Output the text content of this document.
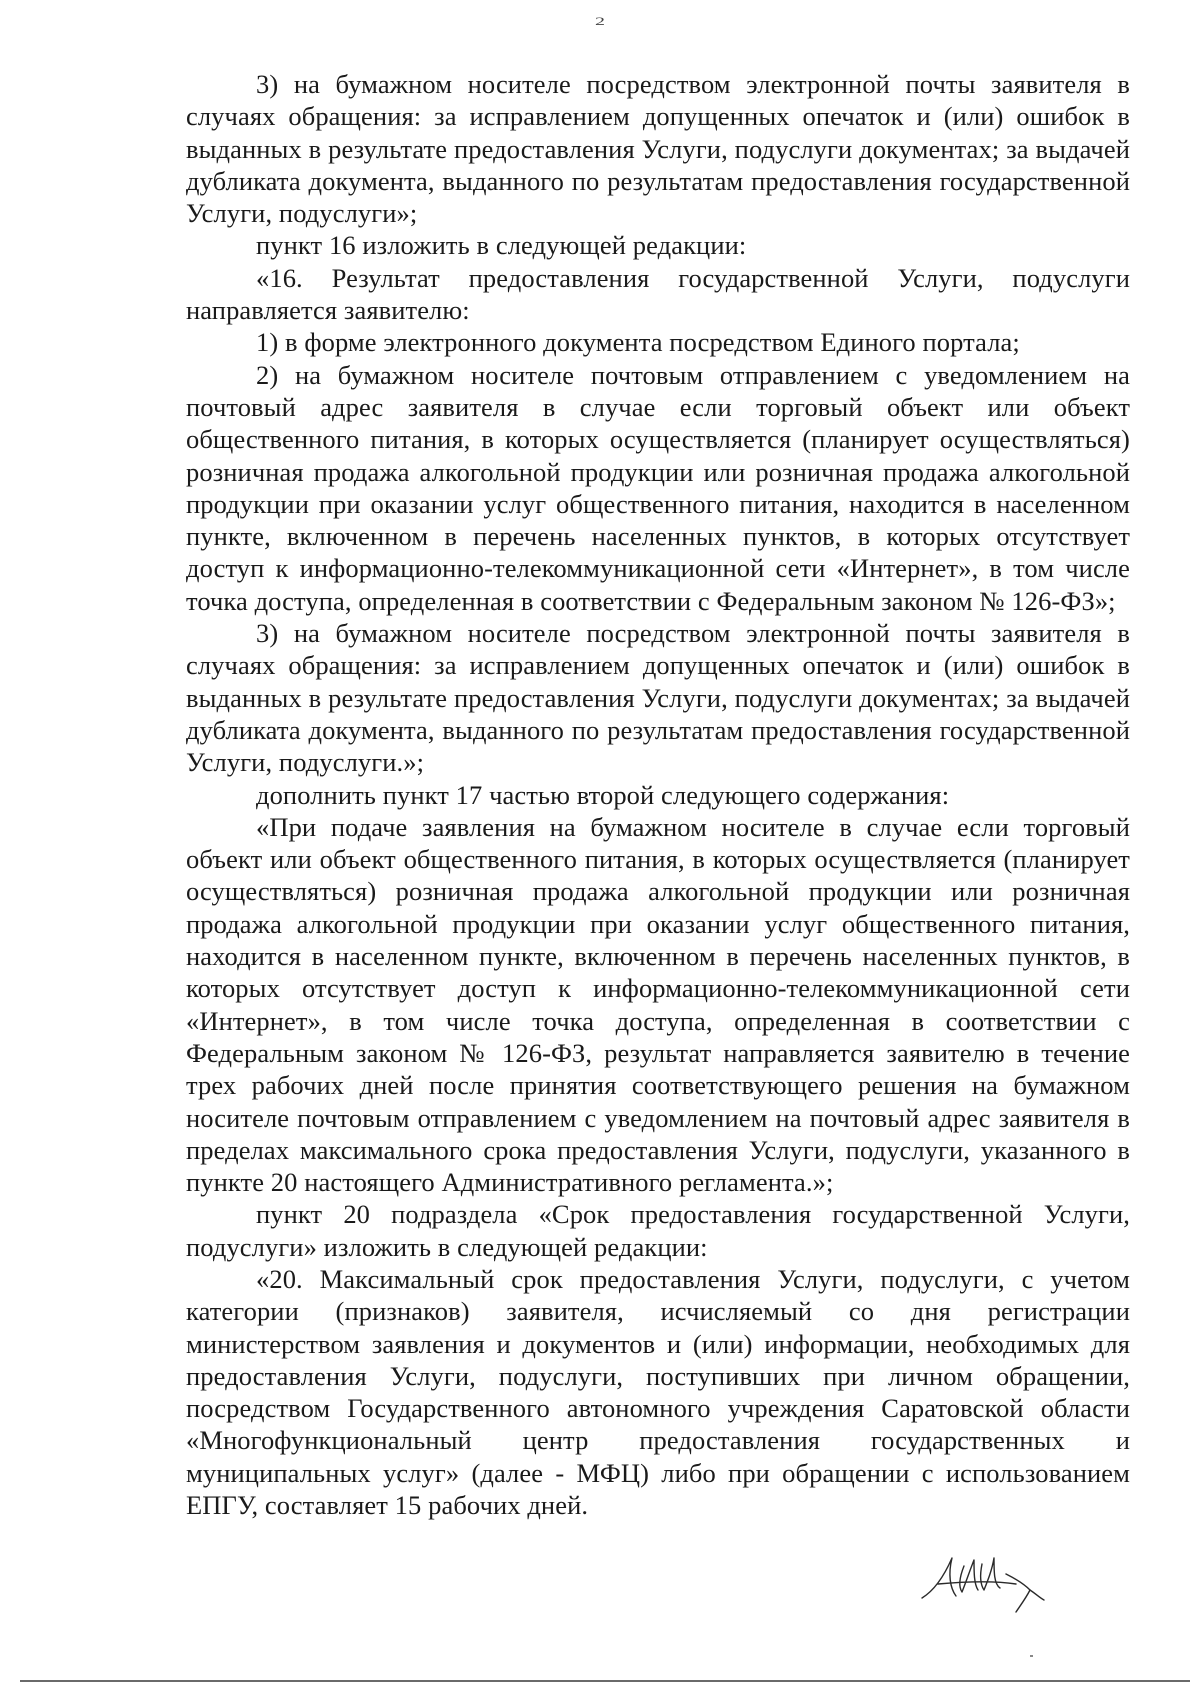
2

3) на бумажном носителе посредством электронной почты заявителя в случаях обращения: за исправлением допущенных опечаток и (или) ошибок в выданных в результате предоставления Услуги, подуслуги документах; за выдачей дубликата документа, выданного по результатам предоставления государственной Услуги, подуслуги»;

пункт 16 изложить в следующей редакции:

«16. Результат предоставления государственной Услуги, подуслуги направляется заявителю:

1) в форме электронного документа посредством Единого портала;

2) на бумажном носителе почтовым отправлением с уведомлением на почтовый адрес заявителя в случае если торговый объект или объект общественного питания, в которых осуществляется (планирует осуществляться) розничная продажа алкогольной продукции или розничная продажа алкогольной продукции при оказании услуг общественного питания, находится в населенном пункте, включенном в перечень населенных пунктов, в которых отсутствует доступ к информационно-телекоммуникационной сети «Интернет», в том числе точка доступа, определенная в соответствии с Федеральным законом № 126-ФЗ»;

3) на бумажном носителе посредством электронной почты заявителя в случаях обращения: за исправлением допущенных опечаток и (или) ошибок в выданных в результате предоставления Услуги, подуслуги документах; за выдачей дубликата документа, выданного по результатам предоставления государственной Услуги, подуслуги.»;

дополнить пункт 17 частью второй следующего содержания:

«При подаче заявления на бумажном носителе в случае если торговый объект или объект общественного питания, в которых осуществляется (планирует осуществляться) розничная продажа алкогольной продукции или розничная продажа алкогольной продукции при оказании услуг общественного питания, находится в населенном пункте, включенном в перечень населенных пунктов, в которых отсутствует доступ к информационно-телекоммуникационной сети «Интернет», в том числе точка доступа, определенная в соответствии с Федеральным законом № 126-ФЗ, результат направляется заявителю в течение трех рабочих дней после принятия соответствующего решения на бумажном носителе почтовым отправлением с уведомлением на почтовый адрес заявителя в пределах максимального срока предоставления Услуги, подуслуги, указанного в пункте 20 настоящего Административного регламента.»;

пункт 20 подраздела «Срок предоставления государственной Услуги, подуслуги» изложить в следующей редакции:

«20. Максимальный срок предоставления Услуги, подуслуги, с учетом категории (признаков) заявителя, исчисляемый со дня регистрации министерством заявления и документов и (или) информации, необходимых для предоставления Услуги, подуслуги, поступивших при личном обращении, посредством Государственного автономного учреждения Саратовской области «Многофункциональный центр предоставления государственных и муниципальных услуг» (далее - МФЦ) либо при обращении с использованием ЕПГУ, составляет 15 рабочих дней.
